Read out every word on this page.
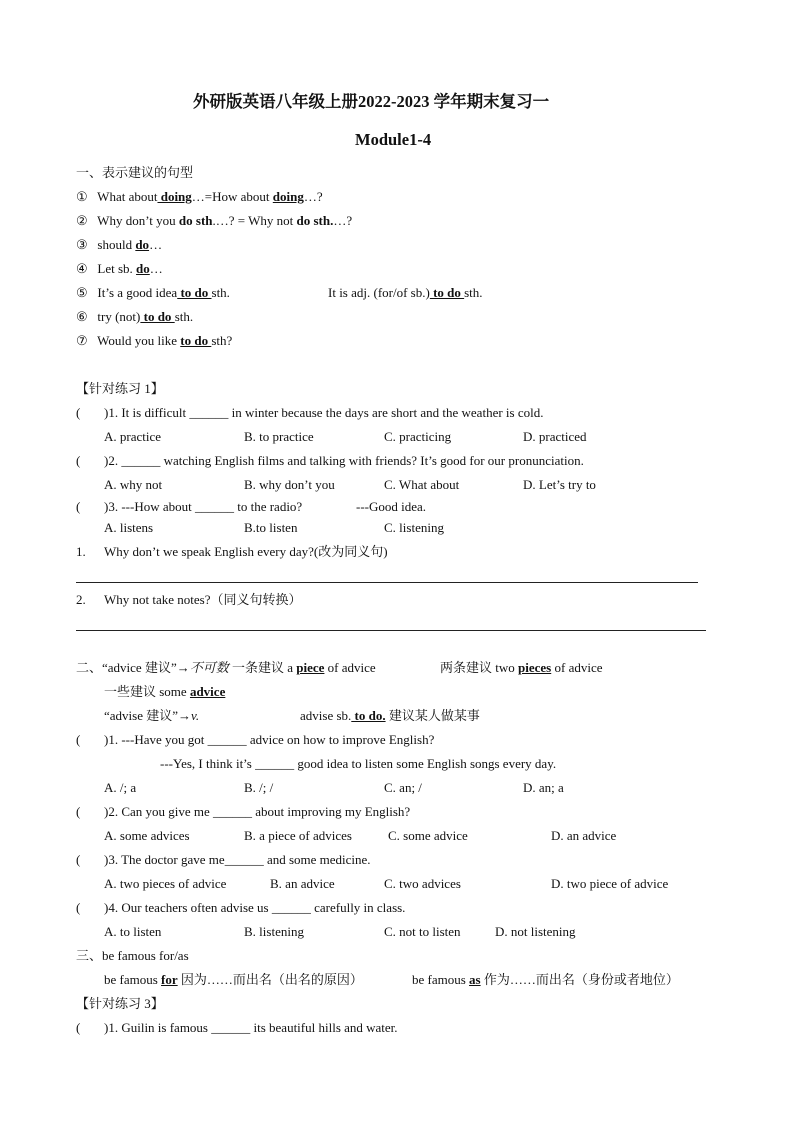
外研版英语八年级上册2022-2023 学年期末复习一
Module1-4
一、表示建议的句型
① What about doing…=How about doing…?
② Why don’t you do sth.…? = Why not do sth.…?
③ should do…
④ Let sb. do…
⑤ It’s a good idea to do sth.	It is adj. (for/of sb.) to do sth.
⑥ try (not) to do sth.
⑦ Would you like to do sth?
【针对练习 1】
( )1. It is difficult ______ in winter because the days are short and the weather is cold.
A. practice	B. to practice	C. practicing	D. practiced
( )2. ______ watching English films and talking with friends? It’s good for our pronunciation.
A. why not	B. why don’t you	C. What about	D. Let’s try to
( )3. ---How about ______ to the radio?	---Good idea.
A. listens	B.to listen	C. listening
1. Why don’t we speak English every day?(改为同义句)
2. Why not take notes?（同义句转换）
二、“advice 建议”→不可数 一条建议 a piece of advice	两条建议 two pieces of advice
一些建议 some advice
“advise 建议”→v.	advise sb. to do. 建议某人做某事
( )1. ---Have you got ______ advice on how to improve English?
---Yes, I think it’s ______ good idea to listen some English songs every day.
A. /; a	B. /; /	C. an; /	D. an; a
( )2. Can you give me ______ about improving my English?
A. some advices	B. a piece of advices	C. some advice	D. an advice
( )3. The doctor gave me______ and some medicine.
A. two pieces of advice	B. an advice	C. two advices	D. two piece of advice
( )4. Our teachers often advise us ______ carefully in class.
A. to listen	B. listening	C. not to listen	D. not listening
三、be famous for/as
be famous for 因为……而出名（出名的原因）	be famous as 作为……而出名（身份或者地位）
【针对练习 3】
( )1. Guilin is famous ______ its beautiful hills and water.
